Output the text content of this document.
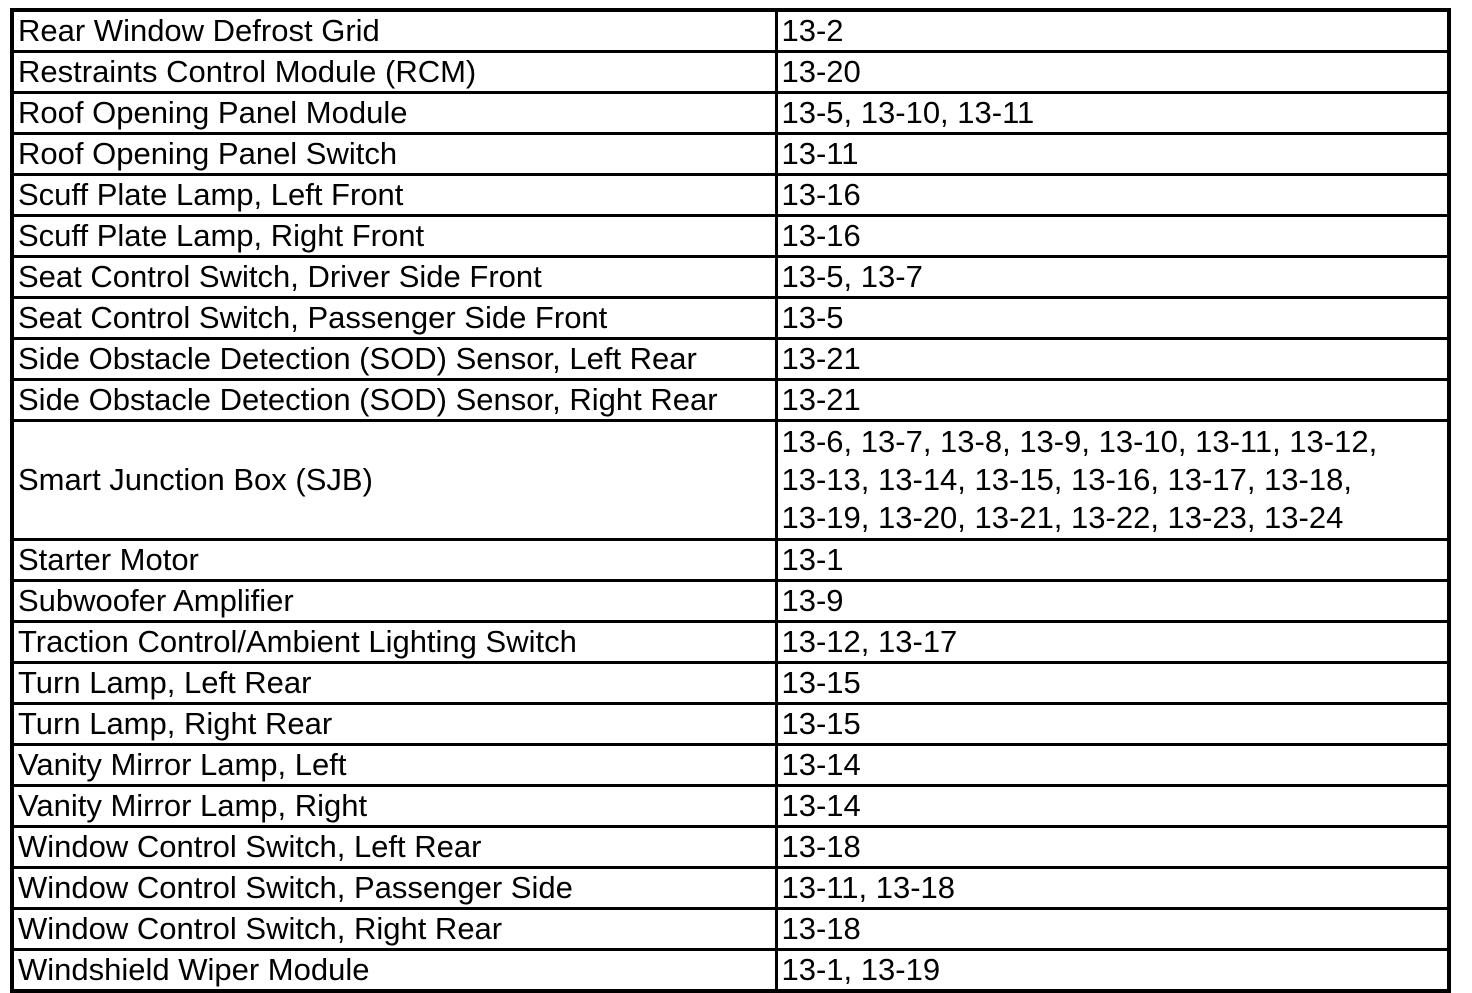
Rear Window Defrost Grid	13-2
Restraints Control Module (RCM)	13-20
Roof Opening Panel Module	13-5, 13-10, 13-11
Roof Opening Panel Switch	13-11
Scuff Plate Lamp, Left Front	13-16
Scuff Plate Lamp, Right Front	13-16
Seat Control Switch, Driver Side Front	13-5, 13-7
Seat Control Switch, Passenger Side Front	13-5
Side Obstacle Detection (SOD) Sensor, Left Rear	13-21
Side Obstacle Detection (SOD) Sensor, Right Rear	13-21
Smart Junction Box (SJB)	13-6, 13-7, 13-8, 13-9, 13-10, 13-11, 13-12,
13-13, 13-14, 13-15, 13-16, 13-17, 13-18,
13-19, 13-20, 13-21, 13-22, 13-23, 13-24
Starter Motor	13-1
Subwoofer Amplifier	13-9
Traction Control/Ambient Lighting Switch	13-12, 13-17
Turn Lamp, Left Rear	13-15
Turn Lamp, Right Rear	13-15
Vanity Mirror Lamp, Left	13-14
Vanity Mirror Lamp, Right	13-14
Window Control Switch, Left Rear	13-18
Window Control Switch, Passenger Side	13-11, 13-18
Window Control Switch, Right Rear	13-18
Windshield Wiper Module	13-1, 13-19
